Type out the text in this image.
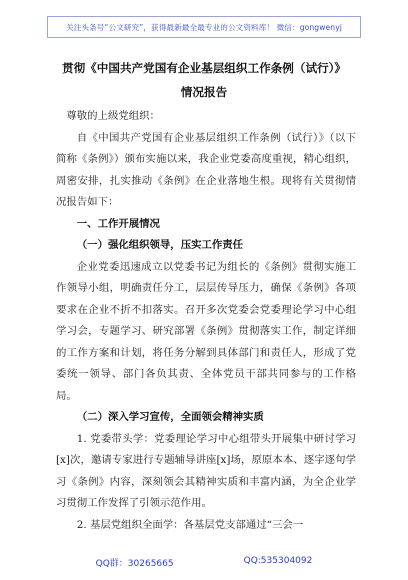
关注头条号“公文研究”，获得最新最全最专业的公文资料库！ 微信：gongwenyj
贯彻《中国共产党国有企业基层组织工作条例（试行）》
情况报告

尊敬的上级党组织：

自《中国共产党国有企业基层组织工作条例（试行）》（以下简称《条例》）颁布实施以来，我企业党委高度重视，精心组织，周密安排，扎实推动《条例》在企业落地生根。现将有关贯彻情况报告如下：

一、工作开展情况

（一）强化组织领导，压实工作责任

企业党委迅速成立以党委书记为组长的《条例》贯彻实施工作领导小组，明确责任分工，层层传导压力，确保《条例》各项要求在企业不折不扣落实。召开多次党委会党委理论学习中心组学习会，专题学习、研究部署《条例》贯彻落实工作，制定详细的工作方案和计划，将任务分解到具体部门和责任人，形成了党委统一领导、部门各负其责、全体党员干部共同参与的工作格局。

（二）深入学习宣传，全面领会精神实质

1. 党委带头学：党委理论学习中心组带头开展集中研讨学习[x]次，邀请专家进行专题辅导讲座[x]场，原原本本、逐字逐句学习《条例》内容，深刻领会其精神实质和丰富内涵，为全企业学习贯彻工作发挥了引领示范作用。

2. 基层党组织全面学：各基层党支部通过“三会一

QQ群：30265665	QQ:535304092
